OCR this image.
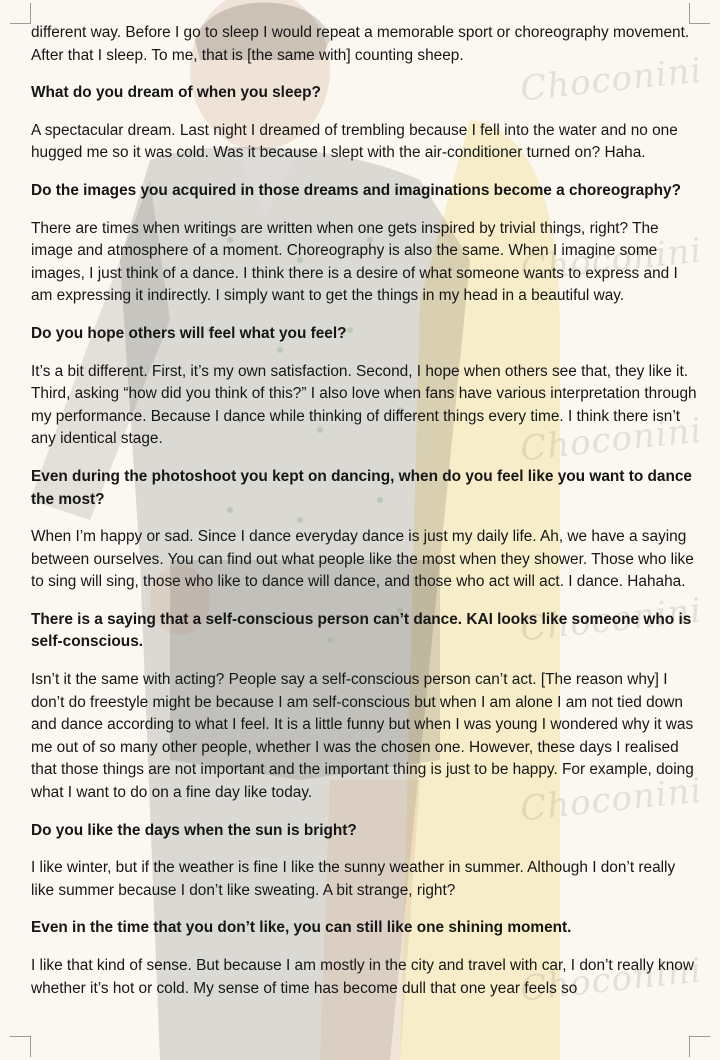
Choconini
Choconini
Choconini
Choconini
Choconini
Choconini

different way. Before I go to sleep I would repeat a memorable sport or choreography movement. After that I sleep. To me, that is [the same with] counting sheep.

What do you dream of when you sleep?

A spectacular dream. Last night I dreamed of trembling because I fell into the water and no one hugged me so it was cold. Was it because I slept with the air-conditioner turned on? Haha.

Do the images you acquired in those dreams and imaginations become a choreography?

There are times when writings are written when one gets inspired by trivial things, right? The image and atmosphere of a moment. Choreography is also the same. When I imagine some images, I just think of a dance. I think there is a desire of what someone wants to express and I am expressing it indirectly. I simply want to get the things in my head in a beautiful way.

Do you hope others will feel what you feel?

It’s a bit different. First, it’s my own satisfaction. Second, I hope when others see that, they like it. Third, asking “how did you think of this?” I also love when fans have various interpretation through my performance. Because I dance while thinking of different things every time. I think there isn’t any identical stage.

Even during the photoshoot you kept on dancing, when do you feel like you want to dance the most?

When I’m happy or sad. Since I dance everyday dance is just my daily life. Ah, we have a saying between ourselves. You can find out what people like the most when they shower. Those who like to sing will sing, those who like to dance will dance, and those who act will act. I dance. Hahaha.

There is a saying that a self-conscious person can’t dance. KAI looks like someone who is self-conscious.

Isn’t it the same with acting? People say a self-conscious person can’t act. [The reason why] I don’t do freestyle might be because I am self-conscious but when I am alone I am not tied down and dance according to what I feel. It is a little funny but when I was young I wondered why it was me out of so many other people, whether I was the chosen one. However, these days I realised that those things are not important and the important thing is just to be happy. For example, doing what I want to do on a fine day like today.

Do you like the days when the sun is bright?

I like winter, but if the weather is fine I like the sunny weather in summer. Although I don’t really like summer because I don’t like sweating. A bit strange, right?

Even in the time that you don’t like, you can still like one shining moment.

I like that kind of sense. But because I am mostly in the city and travel with car, I don’t really know whether it’s hot or cold. My sense of time has become dull that one year feels so
